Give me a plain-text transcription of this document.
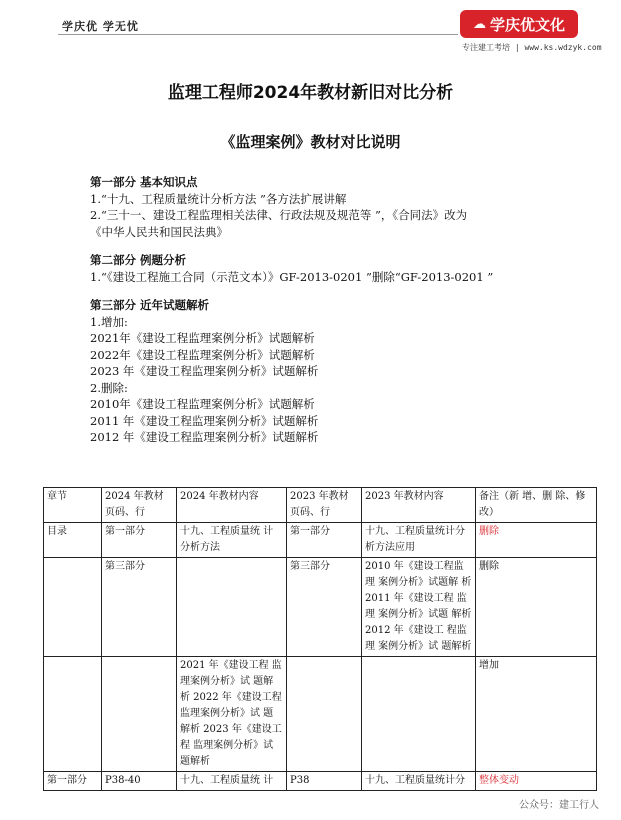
学庆优 学无忧	☁ 学庆优文化
专注建工考培 | www.ks.wdzyk.com
监理工程师2024年教材新旧对比分析
《监理案例》教材对比说明
第一部分 基本知识点
1.“十九、工程质量统计分析方法 ”各方法扩展讲解
2.“三十一、建设工程监理相关法律、行政法规及规范等 ”，《合同法》改为
《中华人民共和国民法典》
第二部分 例题分析
1.“《建设工程施工合同（示范文本）》GF-2013-0201 ”删除“GF-2013-0201 ”
第三部分 近年试题解析
1.增加:
2021年《建设工程监理案例分析》试题解析
2022年《建设工程监理案例分析》试题解析
2023 年《建设工程监理案例分析》试题解析
2.删除:
2010年《建设工程监理案例分析》试题解析
2011 年《建设工程监理案例分析》试题解析
2012 年《建设工程监理案例分析》试题解析
章节	2024 年教材页码、行	2024 年教材内容	2023 年教材页码、行	2023 年教材内容	备注（新 增、删 除、修 改）
目录	第一部分	十九、工程质量统 计分析方法	第一部分	十九、工程质量统计分析方法应用	删除
	第三部分		第三部分	2010 年《建设工程监理 案例分析》试题解 析 2011 年《建设工程 监理 案例分析》试题 解析 2012 年《建设工 程监理 案例分析》试 题解析	删除
		2021 年《建设工程 监理案例分析》试 题解 析 2022 年《建设工程 监理案例分析》试 题 解析 2023 年《建设工 程 监理案例分析》试 题解析			增加
第一部分	P38-40	十九、工程质量统 计	P38	十九、工程质量统计分	整体变动
公众号：建工行人
